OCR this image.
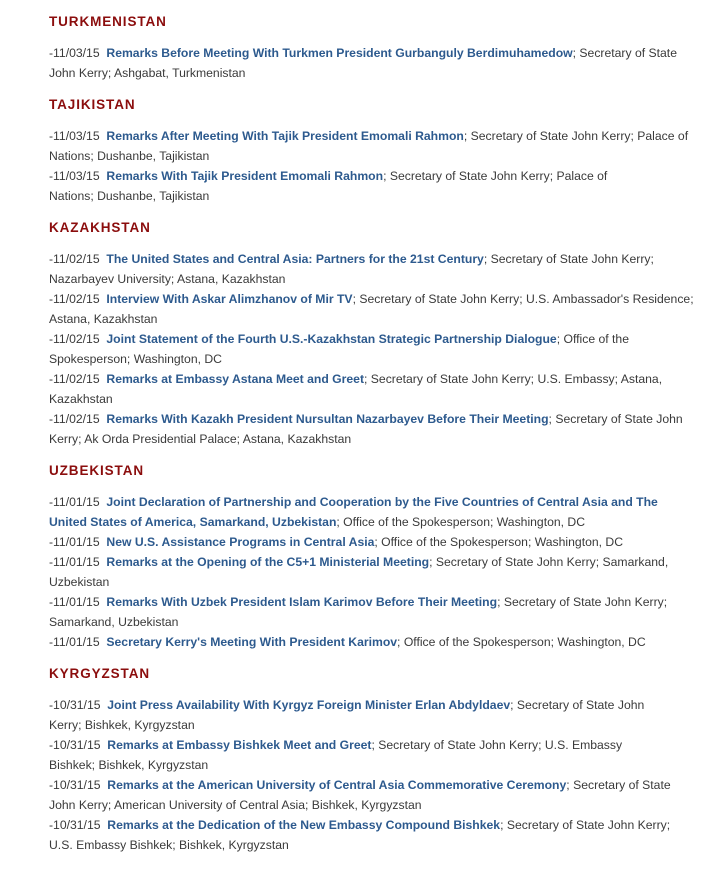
TURKMENISTAN
-11/03/15 Remarks Before Meeting With Turkmen President Gurbanguly Berdimuhamedow; Secretary of State John Kerry; Ashgabat, Turkmenistan
TAJIKISTAN
-11/03/15 Remarks After Meeting With Tajik President Emomali Rahmon; Secretary of State John Kerry; Palace of Nations; Dushanbe, Tajikistan
-11/03/15 Remarks With Tajik President Emomali Rahmon; Secretary of State John Kerry; Palace of Nations; Dushanbe, Tajikistan
KAZAKHSTAN
-11/02/15 The United States and Central Asia: Partners for the 21st Century; Secretary of State John Kerry; Nazarbayev University; Astana, Kazakhstan
-11/02/15 Interview With Askar Alimzhanov of Mir TV; Secretary of State John Kerry; U.S. Ambassador's Residence; Astana, Kazakhstan
-11/02/15 Joint Statement of the Fourth U.S.-Kazakhstan Strategic Partnership Dialogue; Office of the Spokesperson; Washington, DC
-11/02/15 Remarks at Embassy Astana Meet and Greet; Secretary of State John Kerry; U.S. Embassy; Astana, Kazakhstan
-11/02/15 Remarks With Kazakh President Nursultan Nazarbayev Before Their Meeting; Secretary of State John Kerry; Ak Orda Presidential Palace; Astana, Kazakhstan
UZBEKISTAN
-11/01/15 Joint Declaration of Partnership and Cooperation by the Five Countries of Central Asia and The United States of America, Samarkand, Uzbekistan; Office of the Spokesperson; Washington, DC
-11/01/15 New U.S. Assistance Programs in Central Asia; Office of the Spokesperson; Washington, DC
-11/01/15 Remarks at the Opening of the C5+1 Ministerial Meeting; Secretary of State John Kerry; Samarkand, Uzbekistan
-11/01/15 Remarks With Uzbek President Islam Karimov Before Their Meeting; Secretary of State John Kerry; Samarkand, Uzbekistan
-11/01/15 Secretary Kerry's Meeting With President Karimov; Office of the Spokesperson; Washington, DC
KYRGYZSTAN
-10/31/15 Joint Press Availability With Kyrgyz Foreign Minister Erlan Abdyldaev; Secretary of State John Kerry; Bishkek, Kyrgyzstan
-10/31/15 Remarks at Embassy Bishkek Meet and Greet; Secretary of State John Kerry; U.S. Embassy Bishkek; Bishkek, Kyrgyzstan
-10/31/15 Remarks at the American University of Central Asia Commemorative Ceremony; Secretary of State John Kerry; American University of Central Asia; Bishkek, Kyrgyzstan
-10/31/15 Remarks at the Dedication of the New Embassy Compound Bishkek; Secretary of State John Kerry; U.S. Embassy Bishkek; Bishkek, Kyrgyzstan
